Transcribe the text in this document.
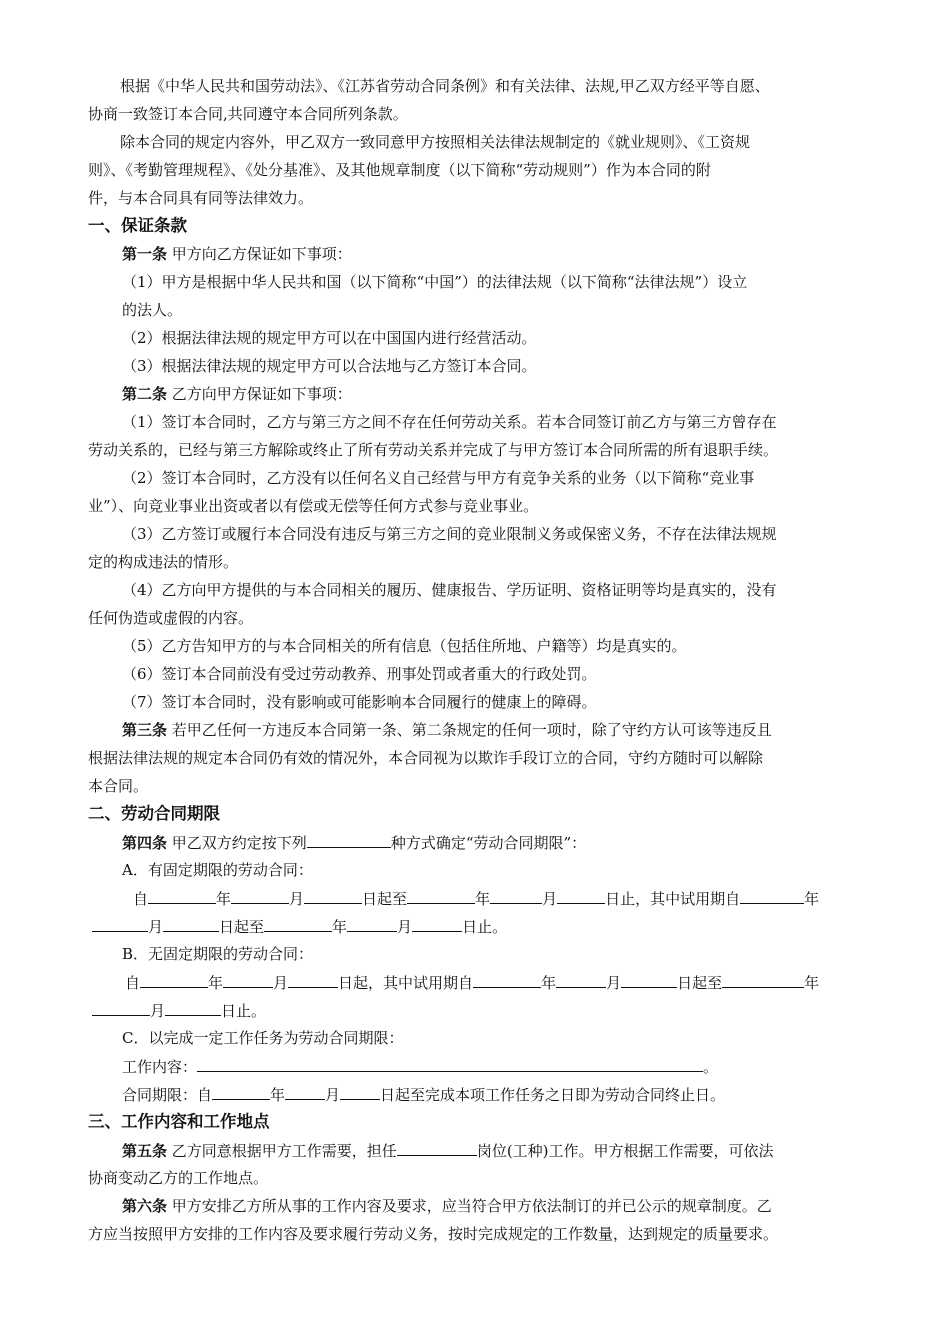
根据《中华人民共和国劳动法》、《江苏省劳动合同条例》和有关法律、法规,甲乙双方经平等自愿、
协商一致签订本合同,共同遵守本合同所列条款。
除本合同的规定内容外，甲乙双方一致同意甲方按照相关法律法规制定的《就业规则》、《工资规
则》、《考勤管理规程》、《处分基准》、及其他规章制度（以下简称“劳动规则”）作为本合同的附
件，与本合同具有同等法律效力。
一、保证条款
第一条 甲方向乙方保证如下事项：
（1）甲方是根据中华人民共和国（以下简称“中国”）的法律法规（以下简称“法律法规”）设立
的法人。
（2）根据法律法规的规定甲方可以在中国国内进行经营活动。
（3）根据法律法规的规定甲方可以合法地与乙方签订本合同。
第二条 乙方向甲方保证如下事项：
（1）签订本合同时，乙方与第三方之间不存在任何劳动关系。若本合同签订前乙方与第三方曾存在
劳动关系的，已经与第三方解除或终止了所有劳动关系并完成了与甲方签订本合同所需的所有退职手续。
（2）签订本合同时，乙方没有以任何名义自己经营与甲方有竞争关系的业务（以下简称“竞业事
业”）、向竞业事业出资或者以有偿或无偿等任何方式参与竞业事业。
（3）乙方签订或履行本合同没有违反与第三方之间的竞业限制义务或保密义务，不存在法律法规规
定的构成违法的情形。
（4）乙方向甲方提供的与本合同相关的履历、健康报告、学历证明、资格证明等均是真实的，没有
任何伪造或虚假的内容。
（5）乙方告知甲方的与本合同相关的所有信息（包括住所地、户籍等）均是真实的。
（6）签订本合同前没有受过劳动教养、刑事处罚或者重大的行政处罚。
（7）签订本合同时，没有影响或可能影响本合同履行的健康上的障碍。
第三条 若甲乙任何一方违反本合同第一条、第二条规定的任何一项时，除了守约方认可该等违反且
根据法律法规的规定本合同仍有效的情况外，本合同视为以欺诈手段订立的合同，守约方随时可以解除
本合同。
二、劳动合同期限
第四条 甲乙双方约定按下列	种方式确定“劳动合同期限”：
A．有固定期限的劳动合同：
自	年	月	日起至	年	月	日止，其中试用期自	年
月	日起至	年	月	日止。
B．无固定期限的劳动合同：
自	年	月	日起，其中试用期自	年	月	日起至	年
月	日止。
C．以完成一定工作任务为劳动合同期限：
工作内容：	。
合同期限：自	年	月	日起至完成本项工作任务之日即为劳动合同终止日。
三、工作内容和工作地点
第五条 乙方同意根据甲方工作需要，担任	岗位(工种)工作。甲方根据工作需要，可依法
协商变动乙方的工作地点。
第六条 甲方安排乙方所从事的工作内容及要求，应当符合甲方依法制订的并已公示的规章制度。乙
方应当按照甲方安排的工作内容及要求履行劳动义务，按时完成规定的工作数量，达到规定的质量要求。
